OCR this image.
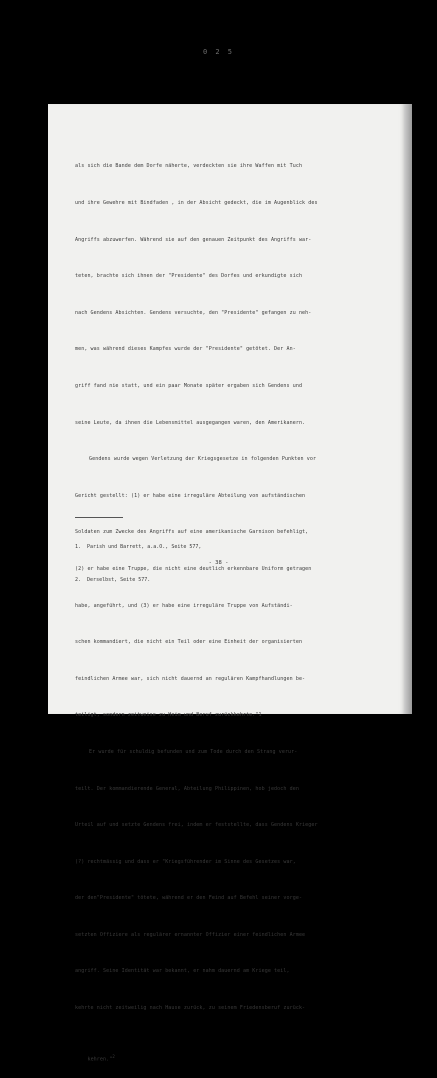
0 2 5

als sich die Bande dem Dorfe näherte, verdeckten sie ihre Waffen mit Tuch

und ihre Gewehre mit Bindfaden , in der Absicht gedeckt, die im Augenblick des

Angriffs abzuwerfen. Während sie auf den genauen Zeitpunkt des Angriffs war-

teten, brachte sich ihnen der "Presidente" des Dorfes und erkundigte sich

nach Gendens Absichten. Gendens versuchte, den "Presidente" gefangen zu neh-

men, was während dieses Kampfes wurde der "Presidente" getötet. Der An-

griff fand nie statt, und ein paar Monate später ergaben sich Gendens und

seine Leute, da ihnen die Lebensmittel ausgegangen waren, den Amerikanern.

Gendens wurde wegen Verletzung der Kriegsgesetze in folgenden Punkten vor

Gericht gestellt: (1) er habe eine irreguläre Abteilung von aufständischen

Soldaten zum Zwecke des Angriffs auf eine amerikanische Garnison befehligt,

(2) er habe eine Truppe, die nicht eine deutlich erkennbare Uniform getragen

habe, angeführt, und (3) er habe eine irreguläre Truppe von Aufständi-

schen kommandiert, die nicht ein Teil oder eine Einheit der organisierten

feindlichen Armee war, sich nicht dauernd an regulären Kampfhandlungen be-

teiligt, sondern zeitweise zu Heim und Beruf zurückkehrte."1

Er wurde für schuldig befunden und zum Tode durch den Strang verur-

teilt. Der kommandierende General, Abteilung Philippinen, hob jedoch den

Urteil auf und setzte Gendens frei, indem er feststellte, dass Gendens Krieger

(?) rechtmässig und dass er "Kriegsführender im Sinne des Gesetzes war,

der den"Presidente" tötete, während er den Feind auf Befehl seiner vorge-

setzten Offiziere als regulärer ernannter Offizier einer feindlichen Armee

angriff. Seine Identität war bekannt, er nahm dauernd am Kriege teil,

kehrte nicht zeitweilig nach Hause zurück, zu seinem Friedensberuf zurück-

kehren."$^2$

1.  Parish und Barrett, a.a.O., Seite 577,

2.  Derselbst, Seite 577.

- 38 -
